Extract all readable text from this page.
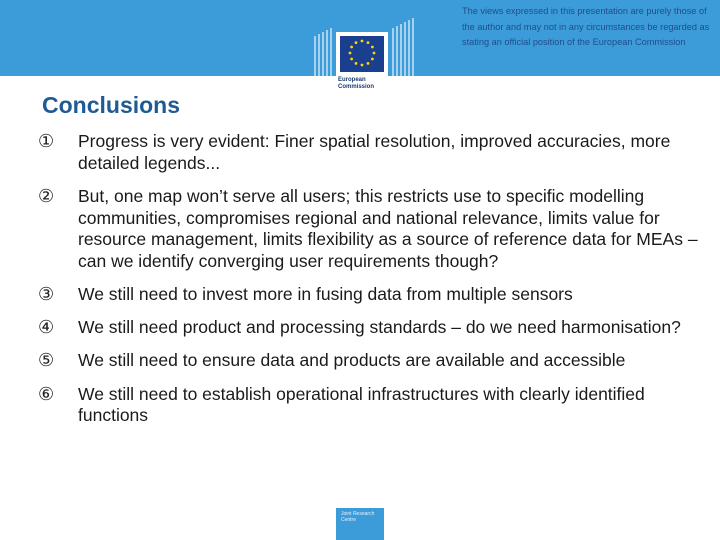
European Commission
The views expressed in this presentation are purely those of the author and may not in any circumstances be regarded as stating an official position of the European Commission
Conclusions
①	Progress is very evident: Finer spatial resolution, improved accuracies, more detailed legends...
②	But, one map won’t serve all users; this restricts use to specific modelling communities, compromises regional and national relevance, limits value for resource management, limits flexibility as a source of reference data for MEAs – can we identify converging user requirements though?
③	We still need to invest more in fusing data from multiple sensors
④	We still need product and processing standards – do we need harmonisation?
⑤	We still need to ensure data and products are available and accessible
⑥	We still need to establish operational infrastructures with clearly identified functions
Joint Research Centre
